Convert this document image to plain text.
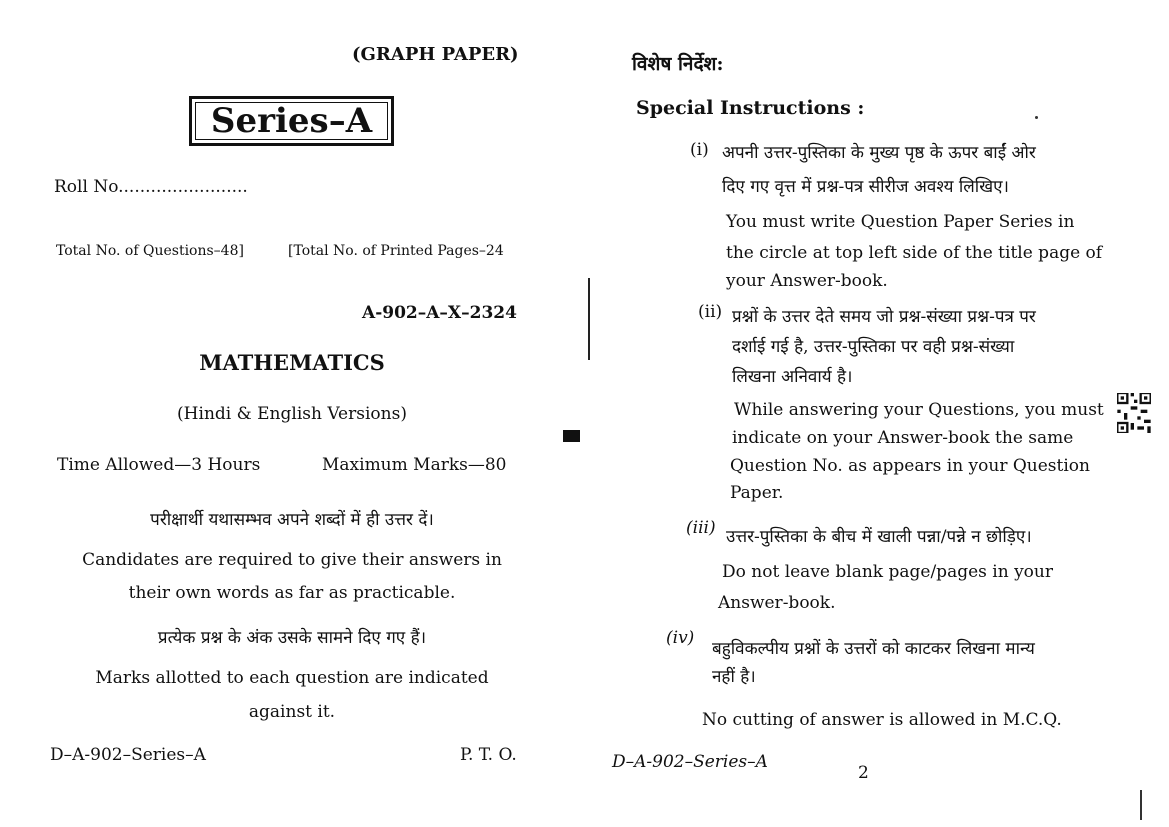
(GRAPH PAPER)
Series–A
Roll No........................
Total No. of Questions–48]	[Total No. of Printed Pages–24
A-902–A–X–2324
MATHEMATICS
(Hindi & English Versions)
Time Allowed—3 Hours	Maximum Marks—80
परीक्षार्थी यथासम्भव अपने शब्दों में ही उत्तर दें।
Candidates are required to give their answers in
their own words as far as practicable.
प्रत्येक प्रश्न के अंक उसके सामने दिए गए हैं।
Marks allotted to each question are indicated
against it.
D–A-902–Series–A	P. T. O.
विशेष निर्देश:
Special Instructions :
(i) अपनी उत्तर-पुस्तिका के मुख्य पृष्ठ के ऊपर बाईं ओर
दिए गए वृत्त में प्रश्न-पत्र सीरीज अवश्य लिखिए।
You must write Question Paper Series in
the circle at top left side of the title page of
your Answer-book.
(ii) प्रश्नों के उत्तर देते समय जो प्रश्न-संख्या प्रश्न-पत्र पर
दर्शाई गई है, उत्तर-पुस्तिका पर वही प्रश्न-संख्या
लिखना अनिवार्य है।
While answering your Questions, you must
indicate on your Answer-book the same
Question No. as appears in your Question
Paper.
(iii) उत्तर-पुस्तिका के बीच में खाली पन्ना/पन्ने न छोड़िए।
Do not leave blank page/pages in your
Answer-book.
(iv)
बहुविकल्पीय प्रश्नों के उत्तरों को काटकर लिखना मान्य
नहीं है।
No cutting of answer is allowed in M.C.Q.
D–A-902–Series–A
2
